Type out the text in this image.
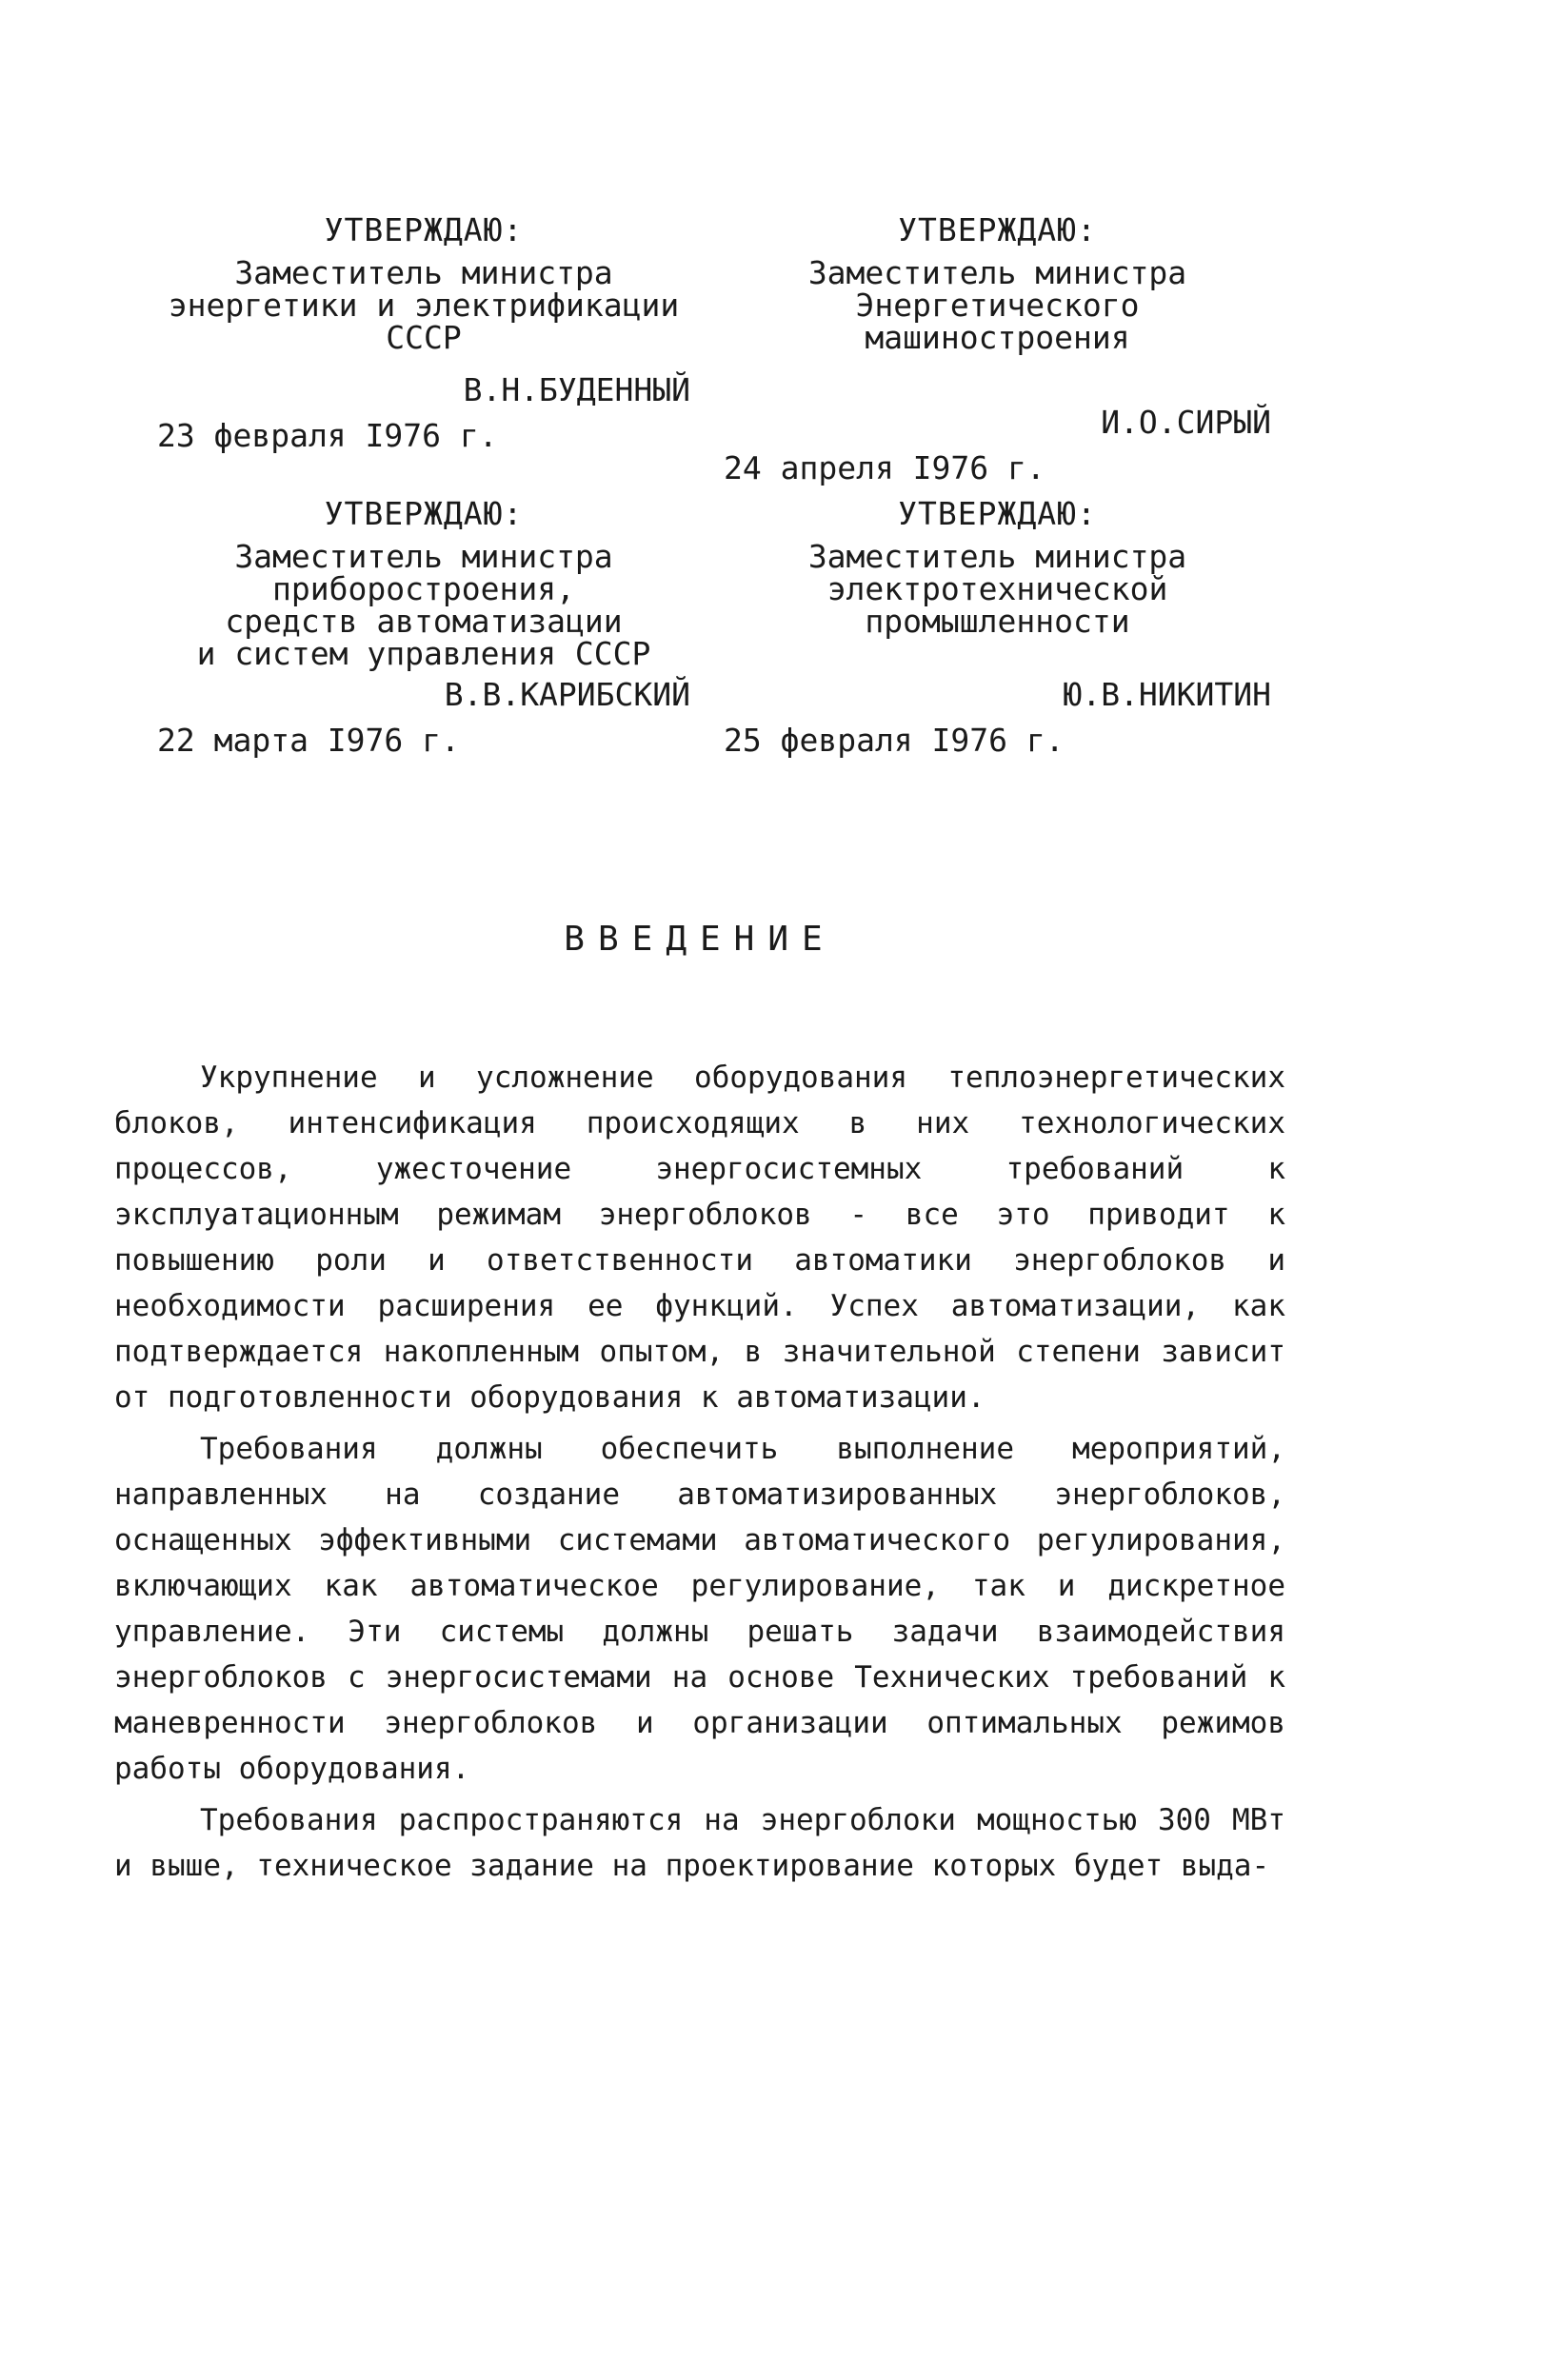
УТВЕРЖДАЮ:
Заместитель министра
энергетики и электрификации
СССР
В.Н.БУДЕННЫЙ
23 февраля I976 г.
УТВЕРЖДАЮ:
Заместитель министра
Энергетического машиностроения
И.О.СИРЫЙ
24 апреля I976 г.
УТВЕРЖДАЮ:
Заместитель министра
приборостроения,
средств автоматизации
и систем управления СССР
В.В.КАРИБСКИЙ
22 марта I976 г.
УТВЕРЖДАЮ:
Заместитель министра
электротехнической
промышленности
Ю.В.НИКИТИН
25 февраля I976 г.
ВВЕДЕНИЕ

Укрупнение и усложнение оборудования теплоэнергетических блоков, интенсификация происходящих в них технологических процессов, ужесточение энергосистемных требований к эксплуатационным режимам энергоблоков - все это приводит к повышению роли и ответственности автоматики энергоблоков и необходимости расширения ее функций. Успех автоматизации, как подтверждается накопленным опытом, в значительной степени зависит от подготовленности оборудования к автоматизации.

Требования должны обеспечить выполнение мероприятий, направленных на создание автоматизированных энергоблоков, оснащенных эффективными системами автоматического регулирования, включающих как автоматическое регулирование, так и дискретное управление. Эти системы должны решать задачи взаимодействия энергоблоков с энергосистемами на основе Технических требований к маневренности энергоблоков и организации оптимальных режимов работы оборудования.

Требования распространяются на энергоблоки мощностью 300 МВт и выше, техническое задание на проектирование которых будет выда-
